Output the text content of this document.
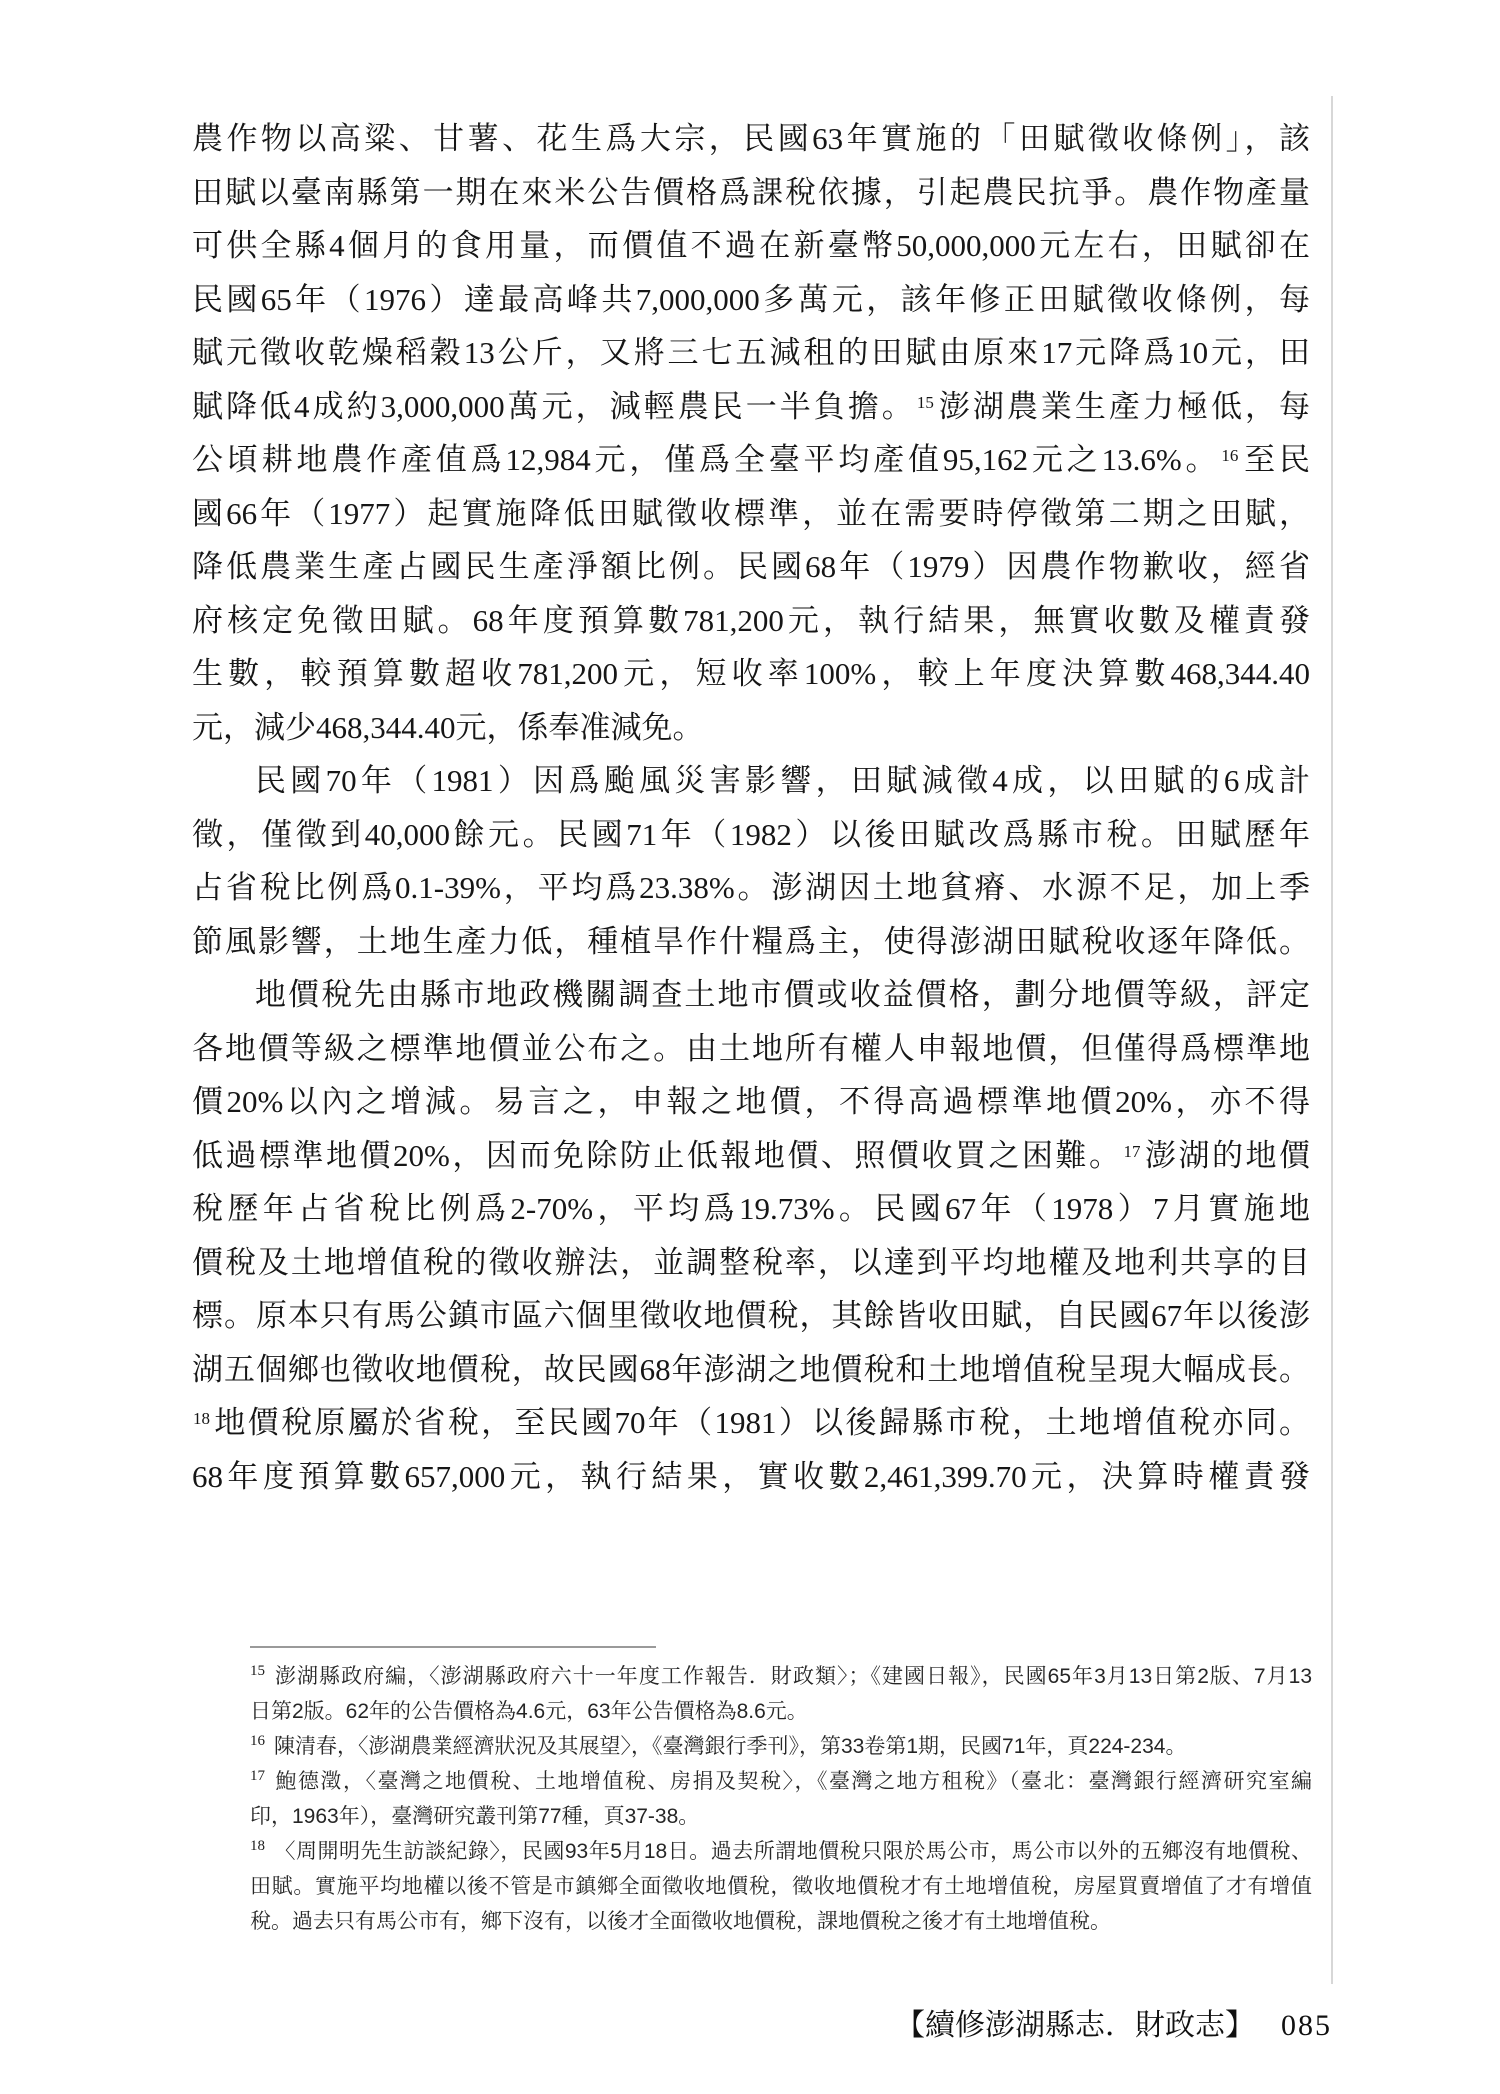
農作物以高粱、甘薯、花生爲大宗，民國63年實施的「田賦徵收條例」，該
田賦以臺南縣第一期在來米公告價格爲課稅依據，引起農民抗爭。農作物產量
可供全縣4個月的食用量，而價值不過在新臺幣50,000,000元左右，田賦卻在
民國65年（1976）達最高峰共7,000,000多萬元，該年修正田賦徵收條例，每
賦元徵收乾燥稻穀13公斤，又將三七五減租的田賦由原來17元降爲10元，田
賦降低4成約3,000,000萬元，減輕農民一半負擔。$^{15}$澎湖農業生產力極低，每
公頃耕地農作產值爲12,984元，僅爲全臺平均產值95,162元之13.6%。$^{16}$至民
國66年（1977）起實施降低田賦徵收標準，並在需要時停徵第二期之田賦，
降低農業生產占國民生產淨額比例。民國68年（1979）因農作物歉收，經省
府核定免徵田賦。68年度預算數781,200元，執行結果，無實收數及權責發
生數，較預算數超收781,200元，短收率100%，較上年度決算數468,344.40
元，減少468,344.40元，係奉准減免。
民國70年（1981）因爲颱風災害影響，田賦減徵4成，以田賦的6成計
徵，僅徵到40,000餘元。民國71年（1982）以後田賦改爲縣市稅。田賦歷年
占省稅比例爲0.1-39%，平均爲23.38%。澎湖因土地貧瘠、水源不足，加上季
節風影響，土地生產力低，種植旱作什糧爲主，使得澎湖田賦稅收逐年降低。
地價稅先由縣市地政機關調查土地市價或收益價格，劃分地價等級，評定
各地價等級之標準地價並公布之。由土地所有權人申報地價，但僅得爲標準地
價20%以內之增減。易言之，申報之地價，不得高過標準地價20%，亦不得
低過標準地價20%，因而免除防止低報地價、照價收買之困難。$^{17}$澎湖的地價
稅歷年占省稅比例爲2-70%，平均爲19.73%。民國67年（1978）7月實施地
價稅及土地增值稅的徵收辦法，並調整稅率，以達到平均地權及地利共享的目
標。原本只有馬公鎮市區六個里徵收地價稅，其餘皆收田賦，自民國67年以後澎
湖五個鄉也徵收地價稅，故民國68年澎湖之地價稅和土地增值稅呈現大幅成長。
$^{18}$地價稅原屬於省稅，至民國70年（1981）以後歸縣市稅，土地增值稅亦同。
68年度預算數657,000元，執行結果，實收數2,461,399.70元，決算時權責發
$^{15}$ 澎湖縣政府編，〈澎湖縣政府六十一年度工作報告．財政類〉；《建國日報》，民國65年3月13日第2版、7月13
日第2版。62年的公告價格為4.6元，63年公告價格為8.6元。
$^{16}$ 陳清春，〈澎湖農業經濟狀況及其展望〉，《臺灣銀行季刊》，第33卷第1期，民國71年，頁224-234。
$^{17}$ 鮑德澂，〈臺灣之地價稅、土地增值稅、房捐及契稅〉，《臺灣之地方租稅》（臺北：臺灣銀行經濟研究室編
印，1963年），臺灣研究叢刊第77種，頁37-38。
$^{18}$ 〈周開明先生訪談紀錄〉，民國93年5月18日。過去所謂地價稅只限於馬公市，馬公市以外的五鄉沒有地價稅、
田賦。實施平均地權以後不管是市鎮鄉全面徵收地價稅，徵收地價稅才有土地增值稅，房屋買賣增值了才有增值
稅。過去只有馬公市有，鄉下沒有，以後才全面徵收地價稅，課地價稅之後才有土地增值稅。
【續修澎湖縣志．財政志】 085
